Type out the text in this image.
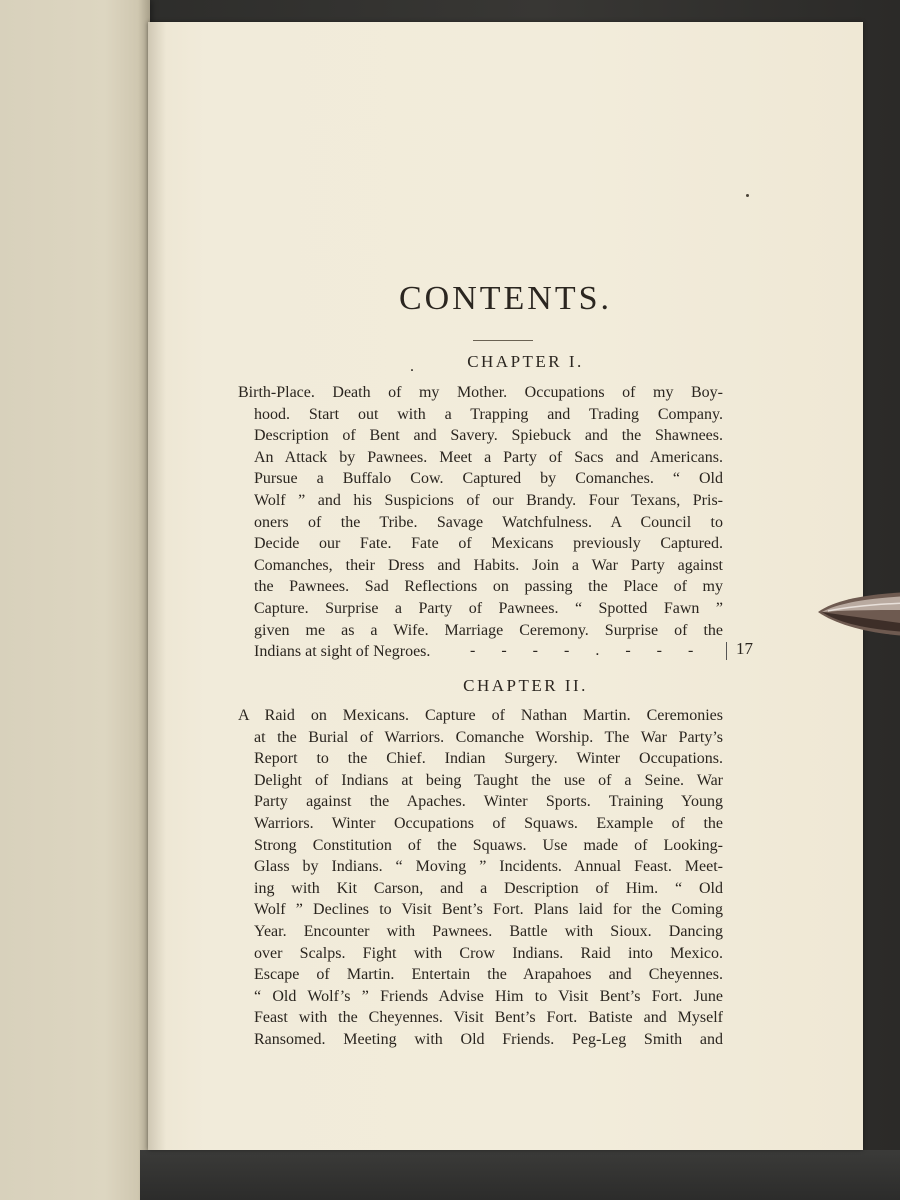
CONTENTS.
.	CHAPTER I.
Birth-Place. Death of my Mother. Occupations of my Boy-
hood. Start out with a Trapping and Trading Company.
Description of Bent and Savery. Spiebuck and the Shawnees.
An Attack by Pawnees. Meet a Party of Sacs and Americans.
Pursue a Buffalo Cow. Captured by Comanches. “ Old
Wolf ” and his Suspicions of our Brandy. Four Texans, Pris-
oners of the Tribe. Savage Watchfulness. A Council to
Decide our Fate. Fate of Mexicans previously Captured.
Comanches, their Dress and Habits. Join a War Party against
the Pawnees. Sad Reflections on passing the Place of my
Capture. Surprise a Party of Pawnees. “ Spotted Fawn ”
given me as a Wife. Marriage Ceremony. Surprise of the
Indians at sight of Negroes.	- - - - . - - - 17
CHAPTER II.
A Raid on Mexicans. Capture of Nathan Martin. Ceremonies
at the Burial of Warriors. Comanche Worship. The War Party’s
Report to the Chief. Indian Surgery. Winter Occupations.
Delight of Indians at being Taught the use of a Seine. War
Party against the Apaches. Winter Sports. Training Young
Warriors. Winter Occupations of Squaws. Example of the
Strong Constitution of the Squaws. Use made of Looking-
Glass by Indians. “ Moving ” Incidents. Annual Feast. Meet-
ing with Kit Carson, and a Description of Him. “ Old
Wolf ” Declines to Visit Bent’s Fort. Plans laid for the Coming
Year. Encounter with Pawnees. Battle with Sioux. Dancing
over Scalps. Fight with Crow Indians. Raid into Mexico.
Escape of Martin. Entertain the Arapahoes and Cheyennes.
“ Old Wolf’s ” Friends Advise Him to Visit Bent’s Fort. June
Feast with the Cheyennes. Visit Bent’s Fort. Batiste and Myself
Ransomed. Meeting with Old Friends. Peg-Leg Smith and
